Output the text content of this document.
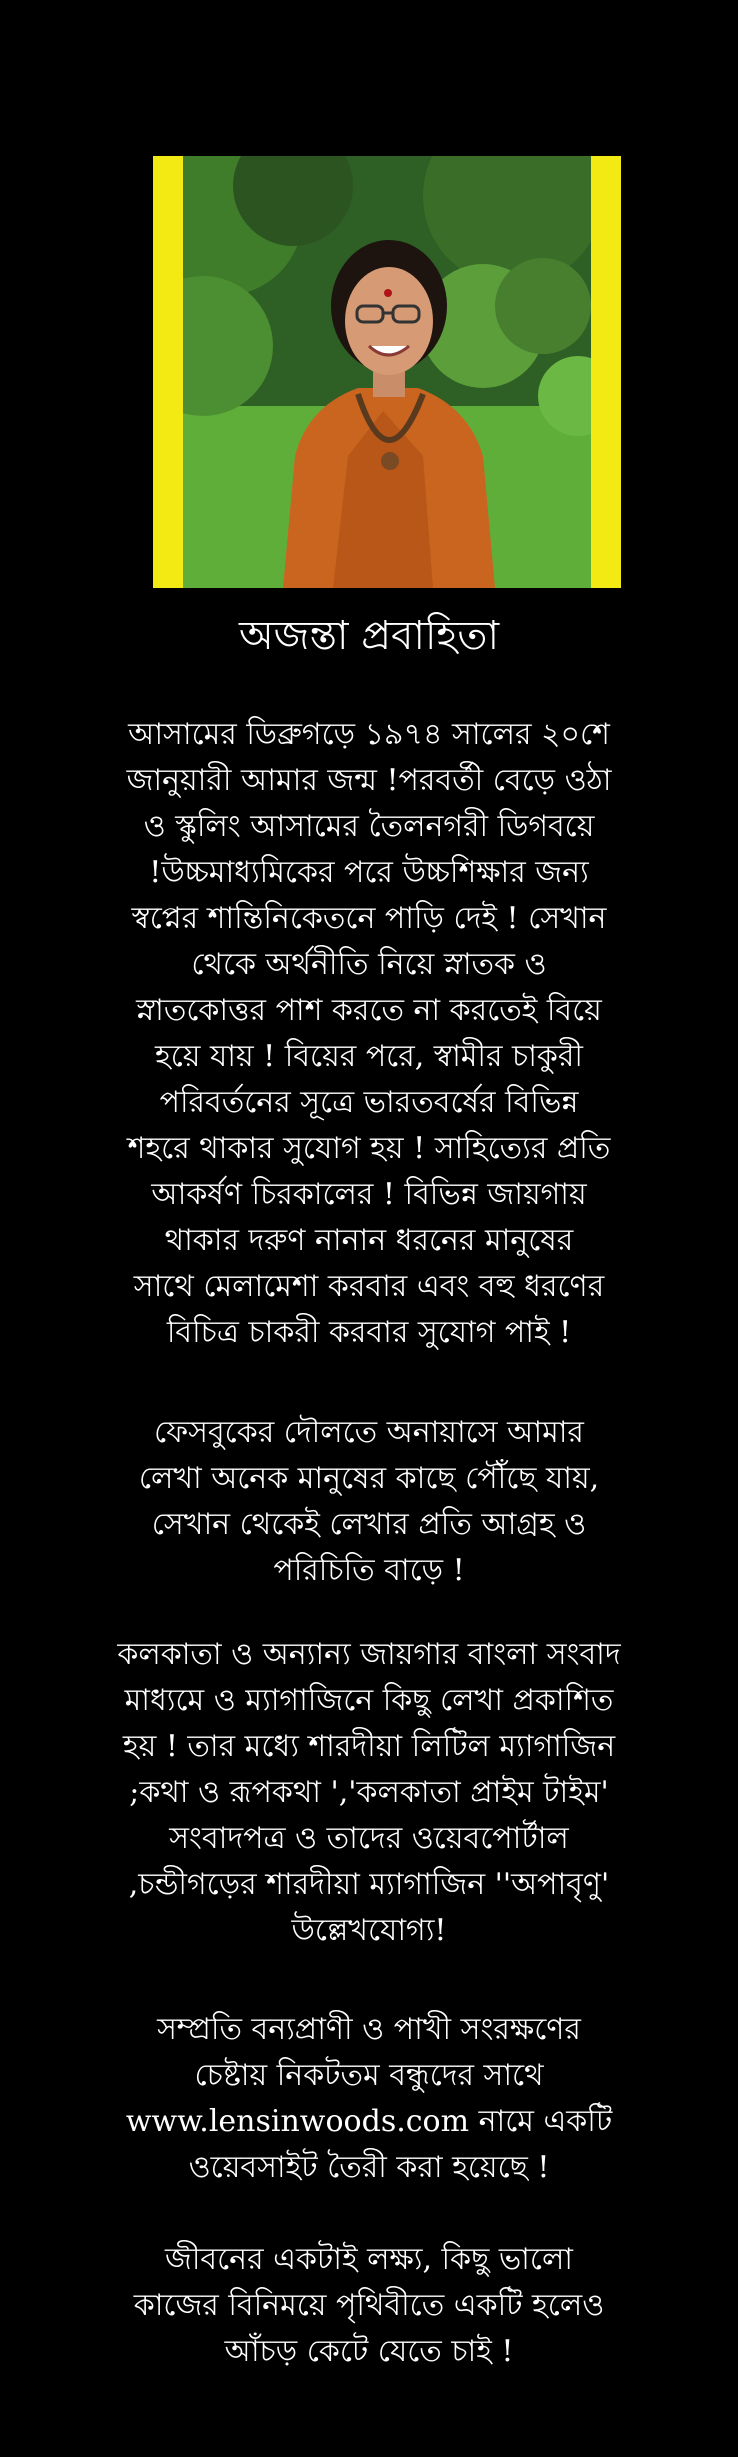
অজন্তা প্রবাহিতা
আসামের ডিব্রুগড়ে ১৯৭৪ সালের ২০শে
জানুয়ারী আমার জন্ম !পরবর্তী বেড়ে ওঠা
ও স্কুলিং আসামের তৈলনগরী ডিগবয়ে
!উচ্চমাধ্যমিকের পরে উচ্চশিক্ষার জন্য
স্বপ্নের শান্তিনিকেতনে পাড়ি দেই ! সেখান
থেকে অর্থনীতি নিয়ে স্নাতক ও
স্নাতকোত্তর পাশ করতে না করতেই বিয়ে
হয়ে যায় ! বিয়ের পরে, স্বামীর চাকুরী
পরিবর্তনের সূত্রে ভারতবর্ষের বিভিন্ন
শহরে থাকার সুযোগ হয় ! সাহিত্যের প্রতি
আকর্ষণ চিরকালের ! বিভিন্ন জায়গায়
থাকার দরুণ নানান ধরনের মানুষের
সাথে মেলামেশা করবার এবং বহু ধরণের
বিচিত্র চাকরী করবার সুযোগ পাই !
ফেসবুকের দৌলতে অনায়াসে আমার
লেখা অনেক মানুষের কাছে পৌঁছে যায়,
সেখান থেকেই লেখার প্রতি আগ্রহ ও
পরিচিতি বাড়ে !
কলকাতা ও অন্যান্য জায়গার বাংলা সংবাদ
মাধ্যমে ও ম্যাগাজিনে কিছু লেখা প্রকাশিত
হয় ! তার মধ্যে শারদীয়া লিটিল ম্যাগাজিন
;কথা ও রূপকথা ','কলকাতা প্রাইম টাইম'
সংবাদপত্র ও তাদের ওয়েবপোর্টাল
,চন্ডীগড়ের শারদীয়া ম্যাগাজিন ''অপাবৃণু'
উল্লেখযোগ্য!
সম্প্রতি বন্যপ্রাণী ও পাখী সংরক্ষণের
চেষ্টায় নিকটতম বন্ধুদের সাথে
www.lensinwoods.com নামে একটি
ওয়েবসাইট তৈরী করা হয়েছে !
জীবনের একটাই লক্ষ্য, কিছু ভালো
কাজের বিনিময়ে পৃথিবীতে একটি হলেও
আঁচড় কেটে যেতে চাই !
